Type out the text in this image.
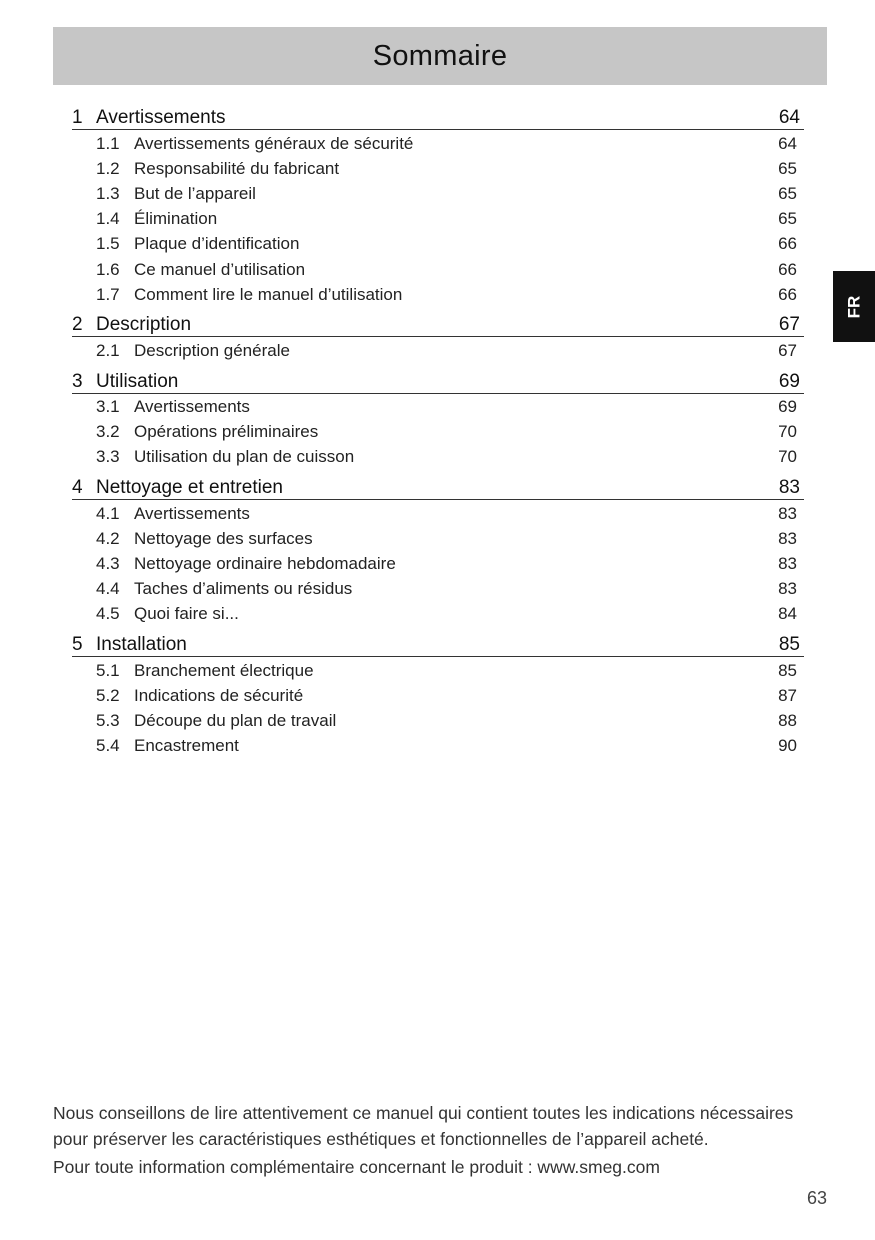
Sommaire
FR
1 Avertissements	64
1.1 Avertissements généraux de sécurité	64
1.2 Responsabilité du fabricant	65
1.3 But de l’appareil	65
1.4 Élimination	65
1.5 Plaque d’identification	66
1.6 Ce manuel d’utilisation	66
1.7 Comment lire le manuel d’utilisation	66
2 Description	67
2.1 Description générale	67
3 Utilisation	69
3.1 Avertissements	69
3.2 Opérations préliminaires	70
3.3 Utilisation du plan de cuisson	70
4 Nettoyage et entretien	83
4.1 Avertissements	83
4.2 Nettoyage des surfaces	83
4.3 Nettoyage ordinaire hebdomadaire	83
4.4 Taches d’aliments ou résidus	83
4.5 Quoi faire si...	84
5 Installation	85
5.1 Branchement électrique	85
5.2 Indications de sécurité	87
5.3 Découpe du plan de travail	88
5.4 Encastrement	90
Nous conseillons de lire attentivement ce manuel qui contient toutes les indications nécessaires
pour préserver les caractéristiques esthétiques et fonctionnelles de l’appareil acheté.
Pour toute information complémentaire concernant le produit : www.smeg.com
63
